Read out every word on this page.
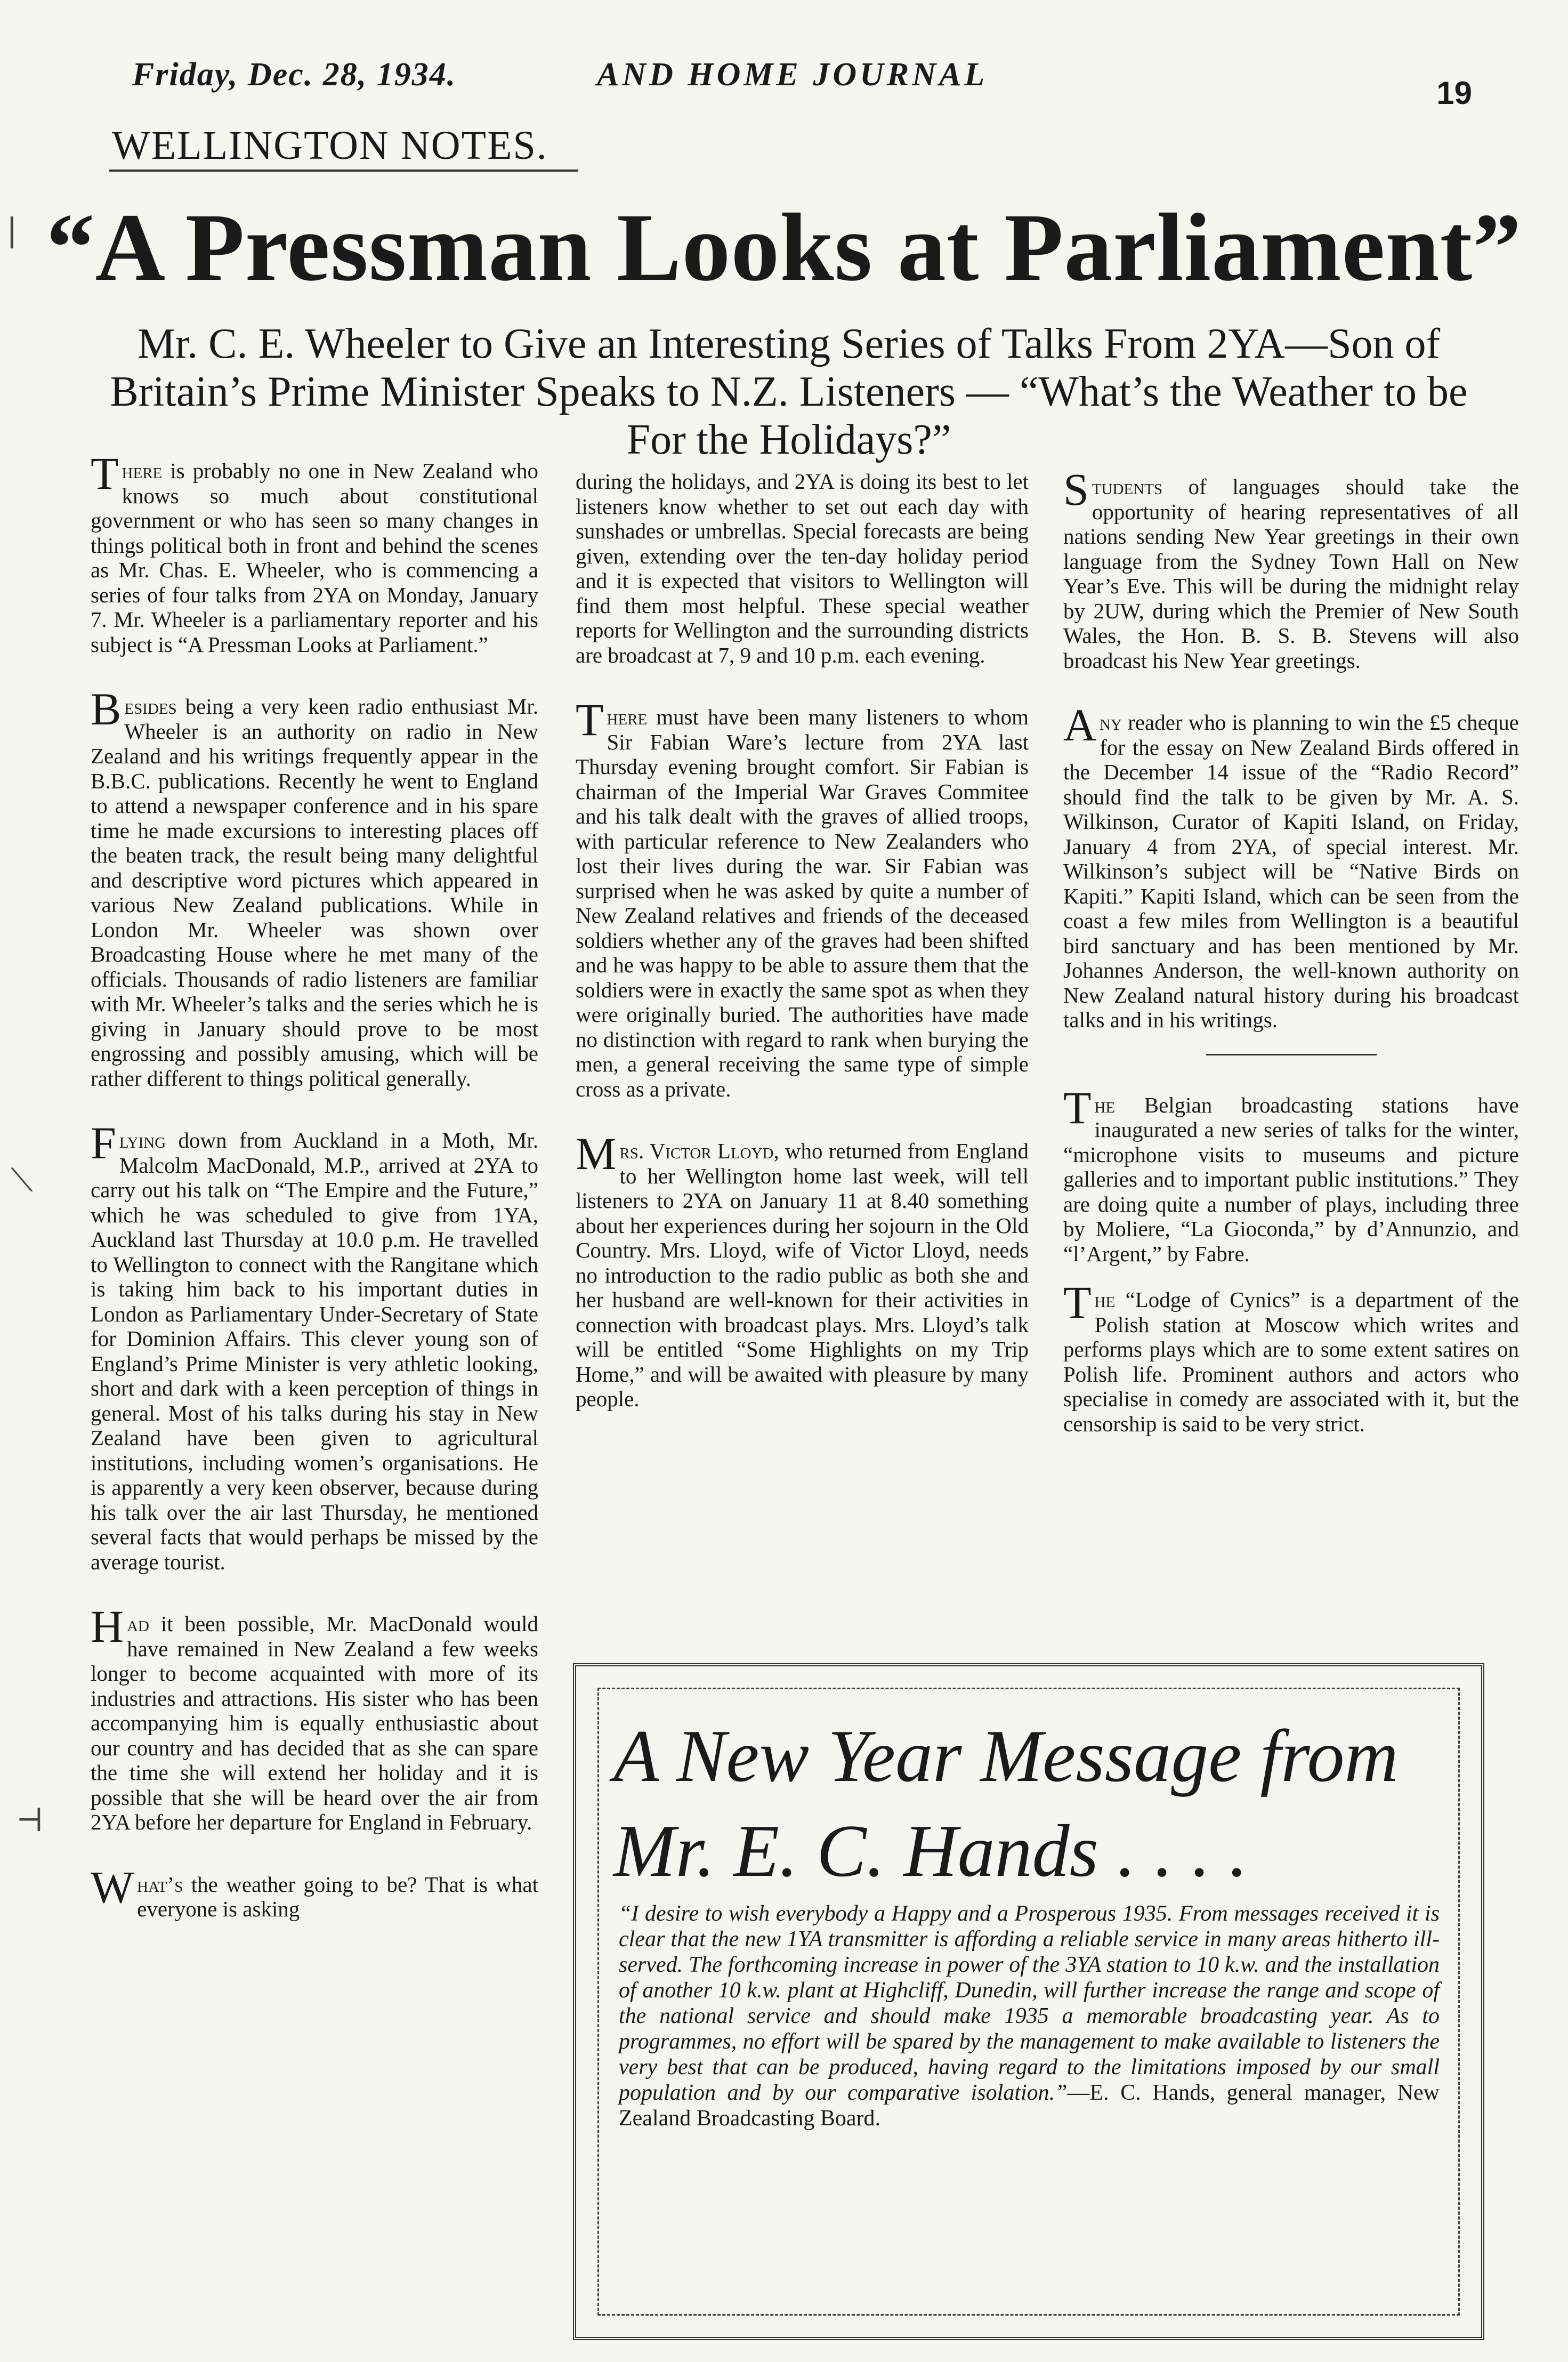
Friday, Dec. 28, 1934.	AND HOME JOURNAL
19
WELLINGTON NOTES.
“A Pressman Looks at Parliament”
Mr. C. E. Wheeler to Give an Interesting Series of Talks From 2YA—Son of Britain’s Prime Minister Speaks to N.Z. Listeners — “What’s the Weather to be For the Holidays?”

There is probably no one in New Zealand who knows so much about constitutional government or who has seen so many changes in things political both in front and behind the scenes as Mr. Chas. E. Wheeler, who is commencing a series of four talks from 2YA on Monday, January 7. Mr. Wheeler is a parliamentary reporter and his subject is “A Pressman Looks at Parliament.”

Besides being a very keen radio enthusiast Mr. Wheeler is an authority on radio in New Zealand and his writings frequently appear in the B.B.C. publications. Recently he went to England to attend a newspaper conference and in his spare time he made excursions to interesting places off the beaten track, the result being many delightful and descriptive word pictures which appeared in various New Zealand publications. While in London Mr. Wheeler was shown over Broadcasting House where he met many of the officials. Thousands of radio listeners are familiar with Mr. Wheeler’s talks and the series which he is giving in January should prove to be most engrossing and possibly amusing, which will be rather different to things political generally.

Flying down from Auckland in a Moth, Mr. Malcolm MacDonald, M.P., arrived at 2YA to carry out his talk on “The Empire and the Future,” which he was scheduled to give from 1YA, Auckland last Thursday at 10.0 p.m. He travelled to Wellington to connect with the Rangitane which is taking him back to his important duties in London as Parliamentary Under-Secretary of State for Dominion Affairs. This clever young son of England’s Prime Minister is very athletic looking, short and dark with a keen perception of things in general. Most of his talks during his stay in New Zealand have been given to agricultural institutions, including women’s organisations. He is apparently a very keen observer, because during his talk over the air last Thursday, he mentioned several facts that would perhaps be missed by the average tourist.

Had it been possible, Mr. MacDonald would have remained in New Zealand a few weeks longer to become acquainted with more of its industries and attractions. His sister who has been accompanying him is equally enthusiastic about our country and has decided that as she can spare the time she will extend her holiday and it is possible that she will be heard over the air from 2YA before her departure for England in February.

What’s the weather going to be? That is what everyone is asking

during the holidays, and 2YA is doing its best to let listeners know whether to set out each day with sunshades or umbrellas. Special forecasts are being given, extending over the ten-day holiday period and it is expected that visitors to Wellington will find them most helpful. These special weather reports for Wellington and the surrounding districts are broadcast at 7, 9 and 10 p.m. each evening.

There must have been many listeners to whom Sir Fabian Ware’s lecture from 2YA last Thursday evening brought comfort. Sir Fabian is chairman of the Imperial War Graves Commitee and his talk dealt with the graves of allied troops, with particular reference to New Zealanders who lost their lives during the war. Sir Fabian was surprised when he was asked by quite a number of New Zealand relatives and friends of the deceased soldiers whether any of the graves had been shifted and he was happy to be able to assure them that the soldiers were in exactly the same spot as when they were originally buried. The authorities have made no distinction with regard to rank when burying the men, a general receiving the same type of simple cross as a private.

Mrs. Victor Lloyd, who returned from England to her Wellington home last week, will tell listeners to 2YA on January 11 at 8.40 something about her experiences during her sojourn in the Old Country. Mrs. Lloyd, wife of Victor Lloyd, needs no introduction to the radio public as both she and her husband are well-known for their activities in connection with broadcast plays. Mrs. Lloyd’s talk will be entitled “Some Highlights on my Trip Home,” and will be awaited with pleasure by many people.

Students of languages should take the opportunity of hearing representatives of all nations sending New Year greetings in their own language from the Sydney Town Hall on New Year’s Eve. This will be during the midnight relay by 2UW, during which the Premier of New South Wales, the Hon. B. S. B. Stevens will also broadcast his New Year greetings.

Any reader who is planning to win the £5 cheque for the essay on New Zealand Birds offered in the December 14 issue of the “Radio Record” should find the talk to be given by Mr. A. S. Wilkinson, Curator of Kapiti Island, on Friday, January 4 from 2YA, of special interest. Mr. Wilkinson’s subject will be “Native Birds on Kapiti.” Kapiti Island, which can be seen from the coast a few miles from Wellington is a beautiful bird sanctuary and has been mentioned by Mr. Johannes Anderson, the well-known authority on New Zealand natural history during his broadcast talks and in his writings.

The Belgian broadcasting stations have inaugurated a new series of talks for the winter, “microphone visits to museums and picture galleries and to important public institutions.” They are doing quite a number of plays, including three by Moliere, “La Gioconda,” by d’Annunzio, and “l’Argent,” by Fabre.

The “Lodge of Cynics” is a department of the Polish station at Moscow which writes and performs plays which are to some extent satires on Polish life. Prominent authors and actors who specialise in comedy are associated with it, but the censorship is said to be very strict.

A New Year Message from Mr. E. C. Hands . . . .
“I desire to wish everybody a Happy and a Prosperous 1935. From messages received it is clear that the new 1YA transmitter is affording a reliable service in many areas hitherto ill-served. The forthcoming increase in power of the 3YA station to 10 k.w. and the installation of another 10 k.w. plant at Highcliff, Dunedin, will further increase the range and scope of the national service and should make 1935 a memorable broadcasting year. As to programmes, no effort will be spared by the management to make available to listeners the very best that can be produced, having regard to the limitations imposed by our small population and by our comparative isolation.”—E. C. Hands, general manager, New Zealand Broadcasting Board.
⎸
⟍
⊣
